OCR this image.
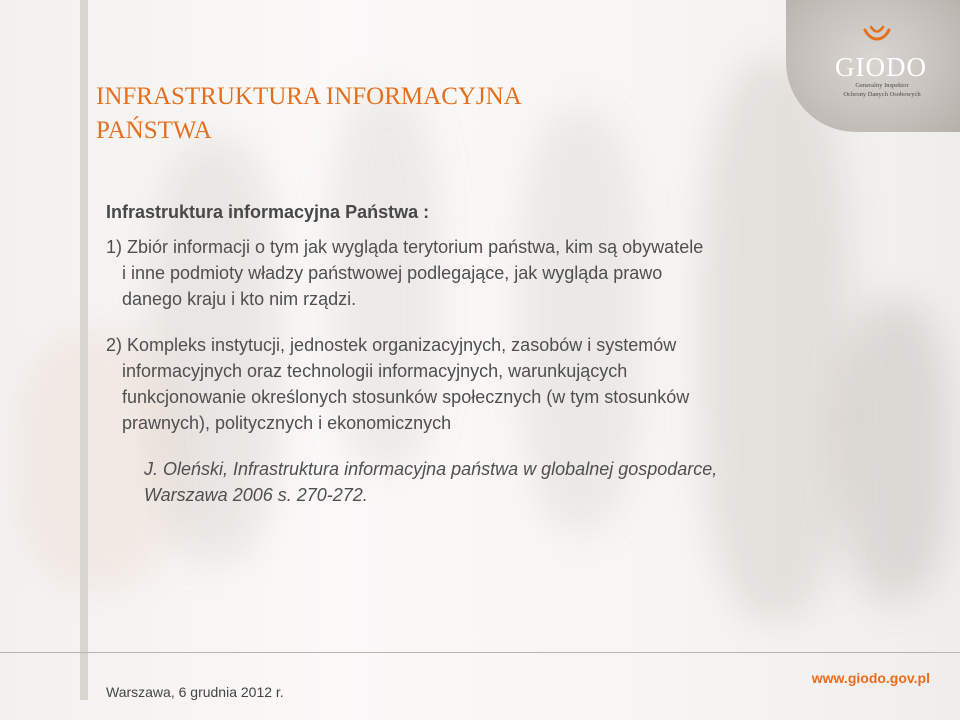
GIODO

Generalny Inspektor

Ochrony Danych Osobowych

INFRASTRUKTURA INFORMACYJNA
PAŃSTWA

Infrastruktura informacyjna Państwa :

1) Zbiór informacji o tym jak wygląda terytorium państwa, kim są obywatele
i inne podmioty władzy państwowej podlegające, jak wygląda prawo
danego kraju i kto nim rządzi.

2) Kompleks instytucji, jednostek organizacyjnych, zasobów i systemów
informacyjnych oraz technologii informacyjnych, warunkujących
funkcjonowanie określonych stosunków społecznych (w tym stosunków
prawnych), politycznych i ekonomicznych

J. Oleński, Infrastruktura informacyjna państwa w globalnej gospodarce,
Warszawa 2006 s. 270-272.

Warszawa, 6 grudnia 2012 r.

www.giodo.gov.pl
